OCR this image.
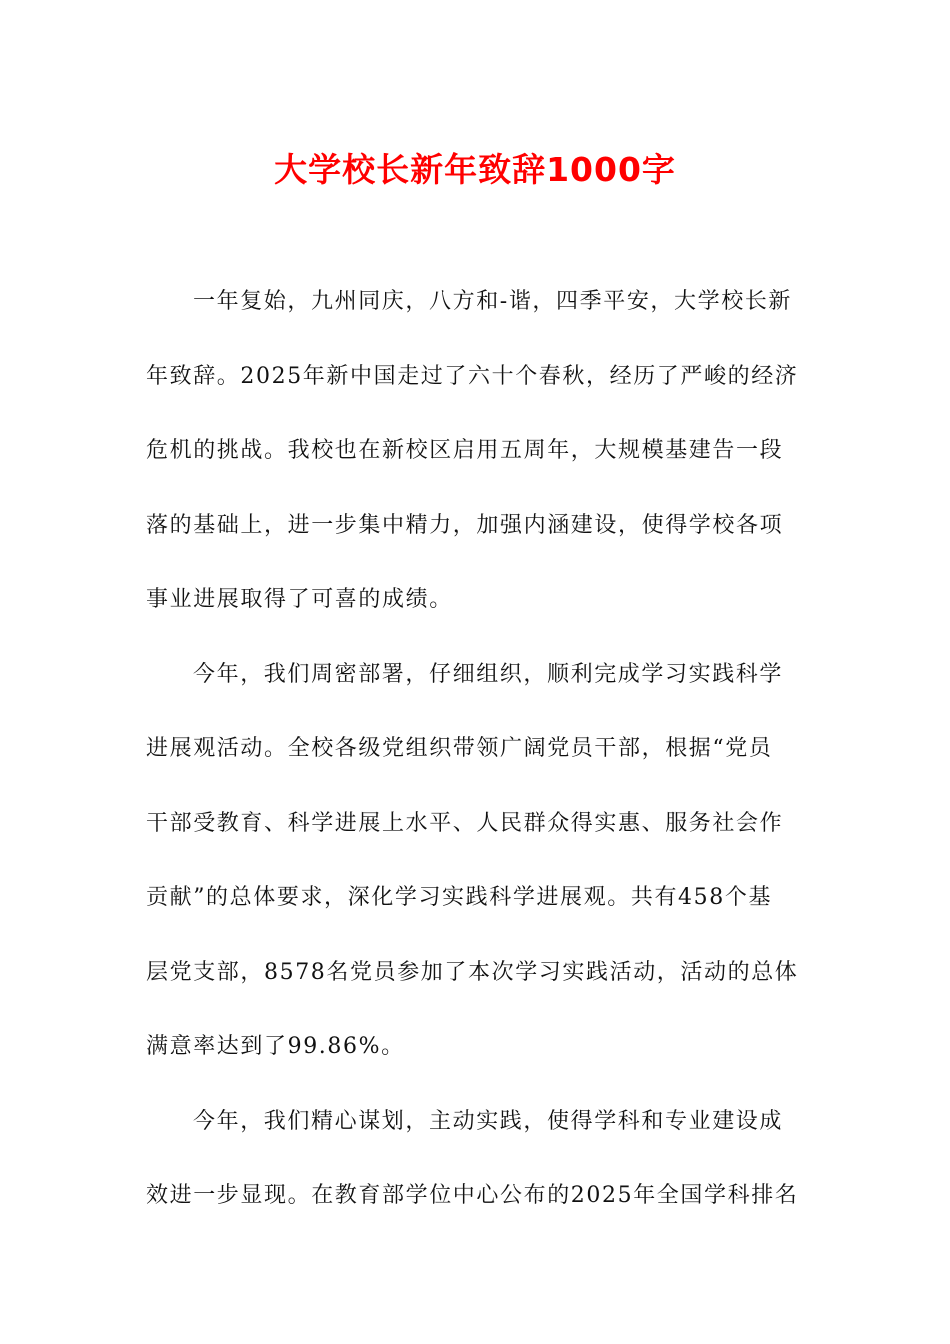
大学校长新年致辞1000字
一年复始，九州同庆，八方和-谐，四季平安，大学校长新
年致辞。2025年新中国走过了六十个春秋，经历了严峻的经济
危机的挑战。我校也在新校区启用五周年，大规模基建告一段
落的基础上，进一步集中精力，加强内涵建设，使得学校各项
事业进展取得了可喜的成绩。
今年，我们周密部署，仔细组织，顺利完成学习实践科学
进展观活动。全校各级党组织带领广阔党员干部，根据“党员
干部受教育、科学进展上水平、人民群众得实惠、服务社会作
贡献”的总体要求，深化学习实践科学进展观。共有458个基
层党支部，8578名党员参加了本次学习实践活动，活动的总体
满意率达到了99.86%。
今年，我们精心谋划，主动实践，使得学科和专业建设成
效进一步显现。在教育部学位中心公布的2025年全国学科排名
